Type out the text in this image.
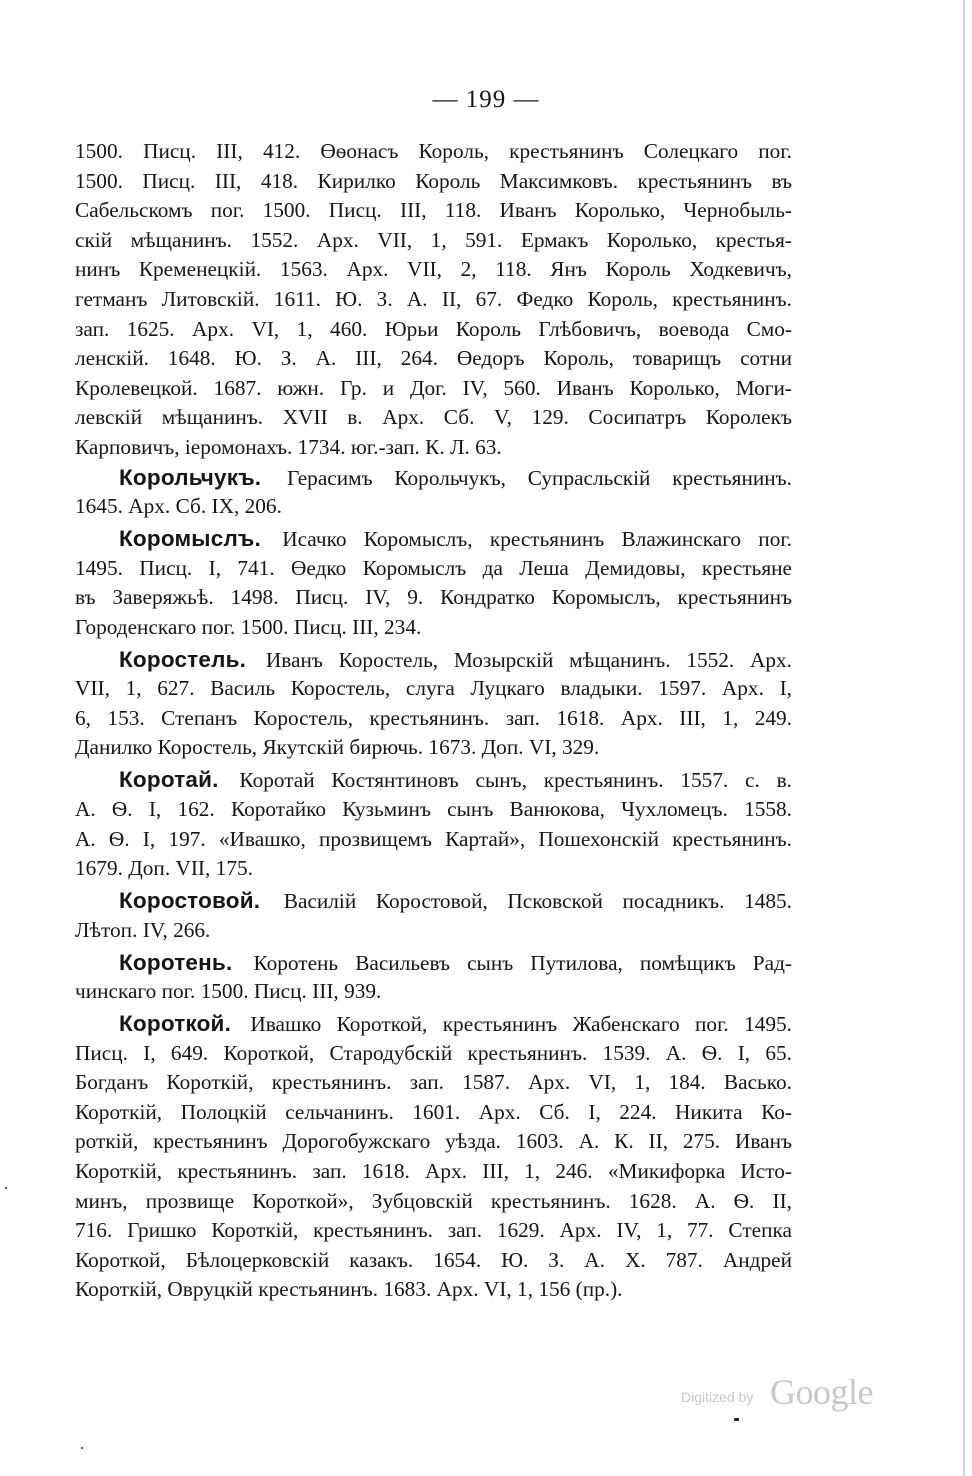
— 199 —
1500. Писц. III, 412. Өѳонасъ Король, крестьянинъ Солецкаго пог.
1500. Писц. III, 418. Кирилко Король Максимковъ. крестьянинъ въ
Сабельскомъ пог. 1500. Писц. III, 118. Иванъ Королько, Чернобыль-
скій мѣщанинъ. 1552. Арх. VII, 1, 591. Ермакъ Королько, крестья-
нинъ Кременецкій. 1563. Арх. VII, 2, 118. Янъ Король Ходкевичъ,
гетманъ Литовскій. 1611. Ю. З. А. II, 67. Федко Король, крестьянинъ.
зап. 1625. Арх. VI, 1, 460. Юрьи Король Глѣбовичъ, воевода Смо-
ленскій. 1648. Ю. З. А. III, 264. Өедоръ Король, товарищъ сотни
Кролевецкой. 1687. южн. Гр. и Дог. IV, 560. Иванъ Королько, Моги-
левскій мѣщанинъ. XVII в. Арх. Сб. V, 129. Сосипатръ Королекъ
Карповичъ, іеромонахъ. 1734. юг.-зап. К. Л. 63.
Корольчукъ. Герасимъ Корольчукъ, Супрасльскій крестьянинъ.
1645. Арх. Сб. IX, 206.
Коромыслъ. Исачко Коромыслъ, крестьянинъ Влажинскаго пог.
1495. Писц. I, 741. Өедко Коромыслъ да Леша Демидовы, крестьяне
въ Заверяжьѣ. 1498. Писц. IV, 9. Кондратко Коромыслъ, крестьянинъ
Городенскаго пог. 1500. Писц. III, 234.
Коростель. Иванъ Коростель, Мозырскій мѣщанинъ. 1552. Арх.
VII, 1, 627. Василь Коростель, слуга Луцкаго владыки. 1597. Арх. I,
6, 153. Степанъ Коростель, крестьянинъ. зап. 1618. Арх. III, 1, 249.
Данилко Коростель, Якутскій бирючь. 1673. Доп. VI, 329.
Коротай. Коротай Костянтиновъ сынъ, крестьянинъ. 1557. с. в.
А. Ѳ. I, 162. Коротайко Кузьминъ сынъ Ванюкова, Чухломецъ. 1558.
А. Ѳ. I, 197. «Ивашко, прозвищемъ Картай», Пошехонскій крестьянинъ.
1679. Доп. VII, 175.
Коростовой. Василій Коростовой, Псковской посадникъ. 1485.
Лѣтоп. IV, 266.
Коротень. Коротень Васильевъ сынъ Путилова, помѣщикъ Рад-
чинскаго пог. 1500. Писц. III, 939.
Короткой. Ивашко Короткой, крестьянинъ Жабенскаго пог. 1495.
Писц. I, 649. Короткой, Стародубскій крестьянинъ. 1539. А. Ѳ. I, 65.
Богданъ Короткій, крестьянинъ. зап. 1587. Арх. VI, 1, 184. Васько.
Короткій, Полоцкій сельчанинъ. 1601. Арх. Сб. I, 224. Никита Ко-
роткій, крестьянинъ Дорогобужскаго уѣзда. 1603. А. К. II, 275. Иванъ
Короткій, крестьянинъ. зап. 1618. Арх. III, 1, 246. «Микифорка Исто-
минъ, прозвище Короткой», Зубцовскій крестьянинъ. 1628. А. Ѳ. II,
716. Гришко Короткій, крестьянинъ. зап. 1629. Арх. IV, 1, 77. Степка
Короткой, Бѣлоцерковскій казакъ. 1654. Ю. З. А. Х. 787. Андрей
Короткій, Овруцкій крестьянинъ. 1683. Арх. VI, 1, 156 (пр.).
Digitized by Google
